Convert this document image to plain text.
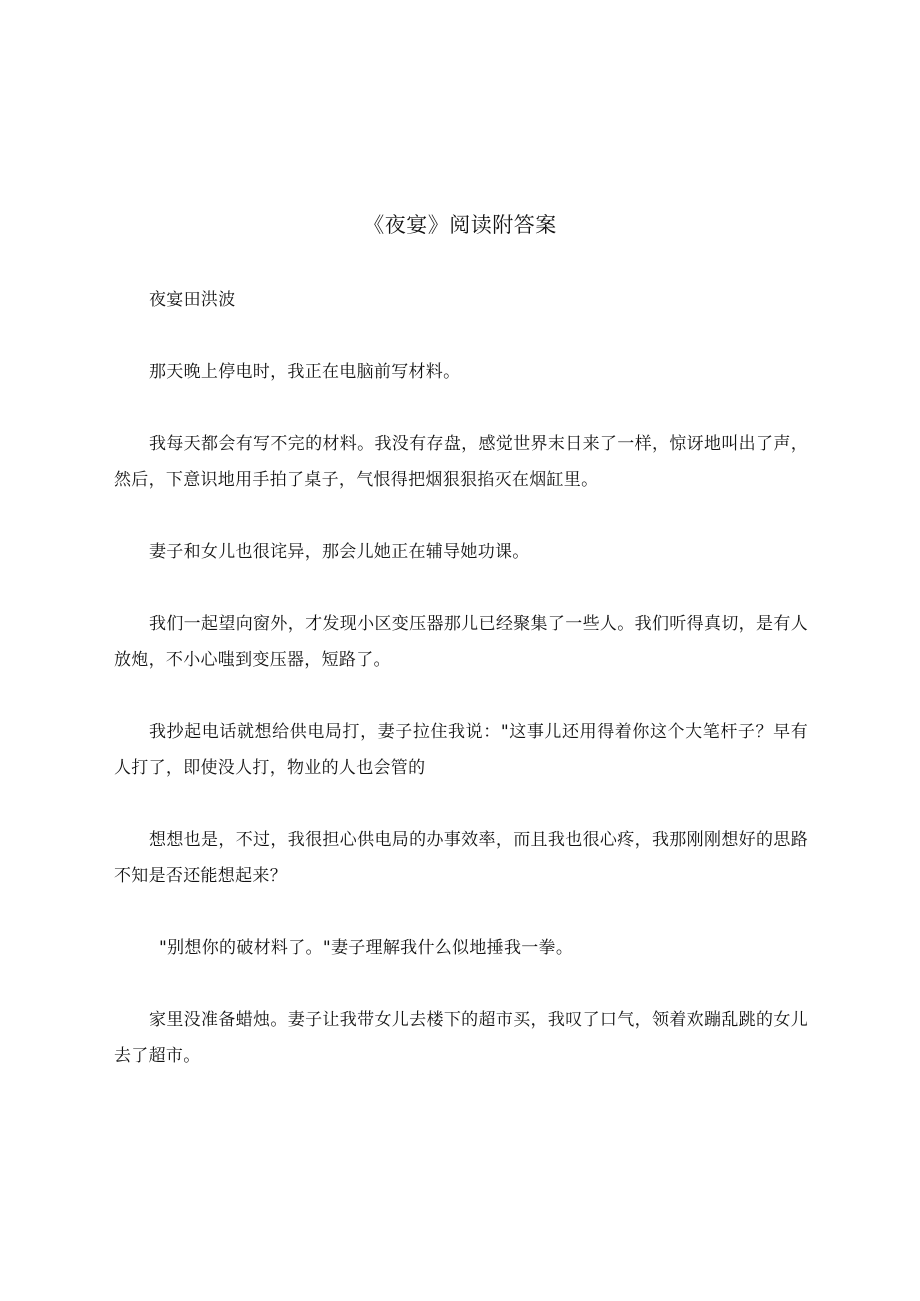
《夜宴》阅读附答案

夜宴田洪波

那天晚上停电时，我正在电脑前写材料。

我每天都会有写不完的材料。我没有存盘，感觉世界末日来了一样，惊讶地叫出了声，然后，下意识地用手拍了桌子，气恨得把烟狠狠掐灭在烟缸里。

妻子和女儿也很诧异，那会儿她正在辅导她功课。

我们一起望向窗外，才发现小区变压器那儿已经聚集了一些人。我们听得真切，是有人放炮，不小心嗤到变压器，短路了。

我抄起电话就想给供电局打，妻子拉住我说："这事儿还用得着你这个大笔杆子？早有人打了，即使没人打，物业的人也会管的

想想也是，不过，我很担心供电局的办事效率，而且我也很心疼，我那刚刚想好的思路不知是否还能想起来？

"别想你的破材料了。"妻子理解我什么似地捶我一拳。

家里没准备蜡烛。妻子让我带女儿去楼下的超市买，我叹了口气，领着欢蹦乱跳的女儿去了超市。
